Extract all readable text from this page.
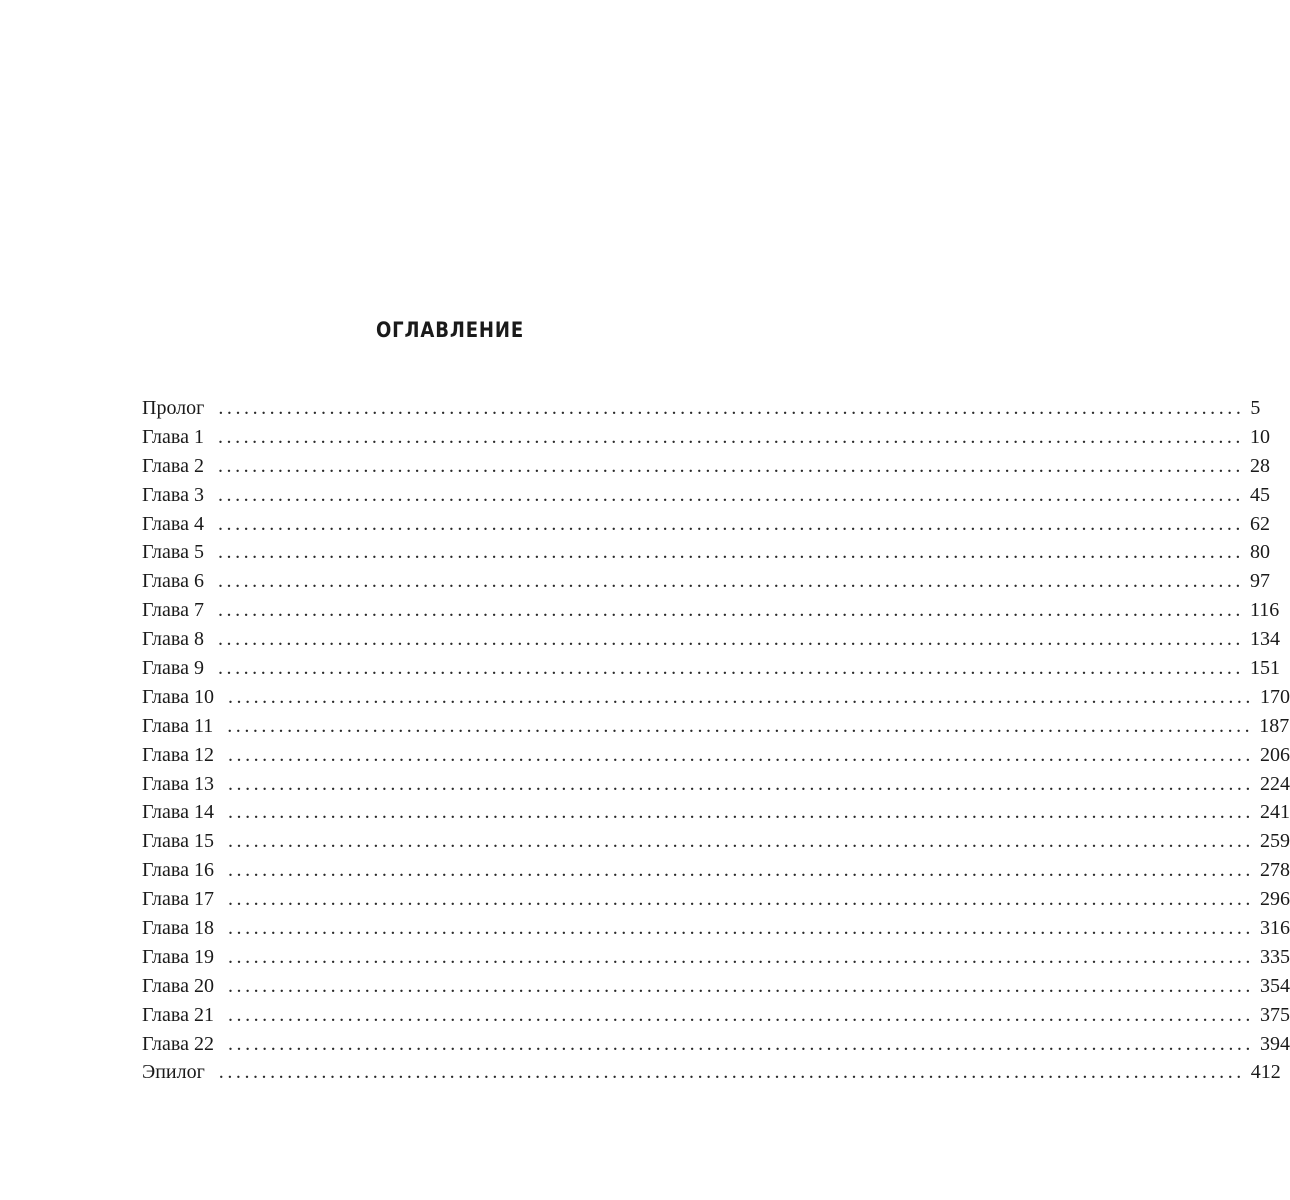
ОГЛАВЛЕНИЕ
Пролог ........................................................................................................................ 5
Глава 1 ........................................................................................................................ 10
Глава 2 ........................................................................................................................ 28
Глава 3 ........................................................................................................................ 45
Глава 4 ........................................................................................................................ 62
Глава 5 ........................................................................................................................ 80
Глава 6 ........................................................................................................................ 97
Глава 7 ........................................................................................................................ 116
Глава 8 ........................................................................................................................ 134
Глава 9 ........................................................................................................................ 151
Глава 10 ........................................................................................................................ 170
Глава 11 ........................................................................................................................ 187
Глава 12 ........................................................................................................................ 206
Глава 13 ........................................................................................................................ 224
Глава 14 ........................................................................................................................ 241
Глава 15 ........................................................................................................................ 259
Глава 16 ........................................................................................................................ 278
Глава 17 ........................................................................................................................ 296
Глава 18 ........................................................................................................................ 316
Глава 19 ........................................................................................................................ 335
Глава 20 ........................................................................................................................ 354
Глава 21 ........................................................................................................................ 375
Глава 22 ........................................................................................................................ 394
Эпилог ........................................................................................................................ 412
